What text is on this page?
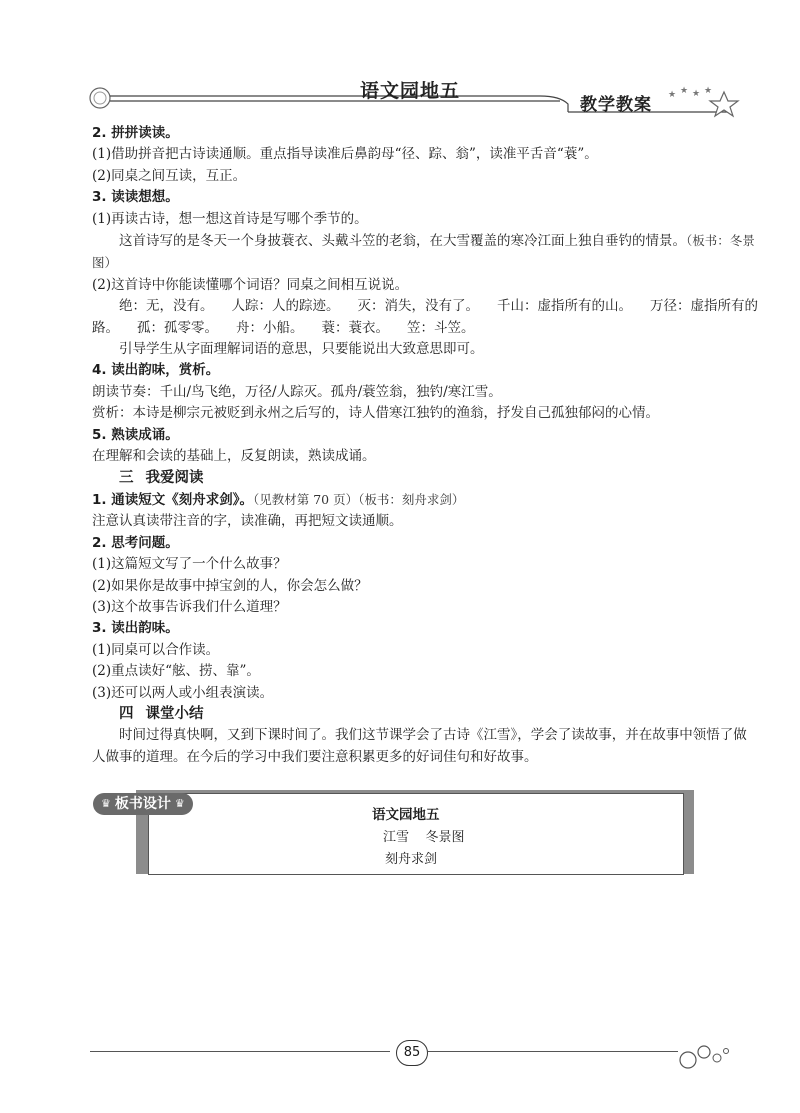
★ ★ ★ ★
语文园地五
教学教案

2. 拼拼读读。

(1)借助拼音把古诗读通顺。重点指导读准后鼻韵母“径、踪、翁”，读准平舌音“蓑”。

(2)同桌之间互读，互正。

3. 读读想想。

(1)再读古诗，想一想这首诗是写哪个季节的。

这首诗写的是冬天一个身披蓑衣、头戴斗笠的老翁，在大雪覆盖的寒冷江面上独自垂钓的情景。（板书：冬景图）

(2)这首诗中你能读懂哪个词语？同桌之间相互说说。

绝：无，没有。 人踪：人的踪迹。 灭：消失，没有了。 千山：虚指所有的山。 万径：虚指所有的路。 孤：孤零零。 舟：小船。 蓑：蓑衣。 笠：斗笠。

引导学生从字面理解词语的意思，只要能说出大致意思即可。

4. 读出韵味，赏析。

朗读节奏：千山/鸟飞绝，万径/人踪灭。孤舟/蓑笠翁，独钓/寒江雪。

赏析：本诗是柳宗元被贬到永州之后写的，诗人借寒江独钓的渔翁，抒发自己孤独郁闷的心情。

5. 熟读成诵。

在理解和会读的基础上，反复朗读，熟读成诵。

三 我爱阅读

1. 通读短文《刻舟求剑》。（见教材第 70 页）（板书：刻舟求剑）

注意认真读带注音的字，读准确，再把短文读通顺。

2. 思考问题。

(1)这篇短文写了一个什么故事？

(2)如果你是故事中掉宝剑的人，你会怎么做？

(3)这个故事告诉我们什么道理？

3. 读出韵味。

(1)同桌可以合作读。

(2)重点读好“舷、捞、靠”。

(3)还可以两人或小组表演读。

四 课堂小结

时间过得真快啊，又到下课时间了。我们这节课学会了古诗《江雪》，学会了读故事，并在故事中领悟了做人做事的道理。在今后的学习中我们要注意积累更多的好词佳句和好故事。

♛ 板书设计 ♛
语文园地五
江雪    冬景图
刻舟求剑
85
